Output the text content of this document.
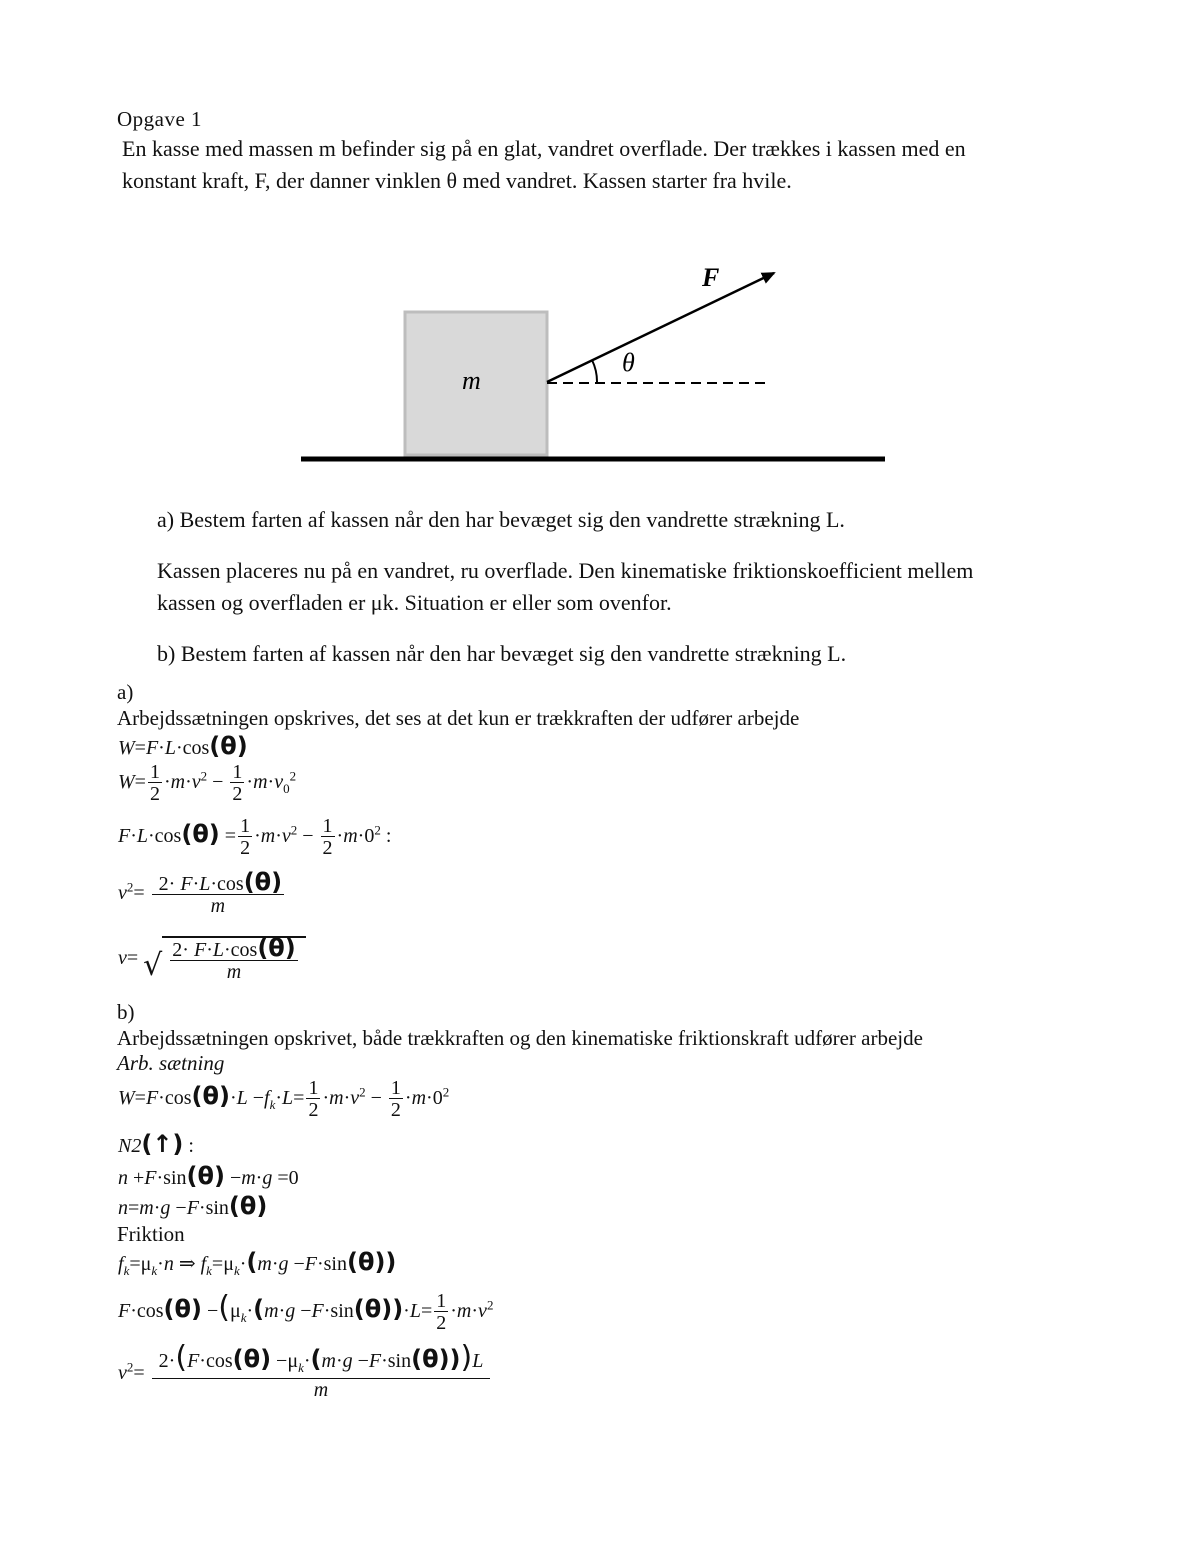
Opgave 1
En kasse med massen m befinder sig på en glat, vandret overflade. Der trækkes i kassen med en
konstant kraft, F, der danner vinklen θ med vandret. Kassen starter fra hvile.
F
θ
m
a) Bestem farten af kassen når den har bevæget sig den vandrette strækning L.
Kassen placeres nu på en vandret, ru overflade. Den kinematiske friktionskoefficient mellem
kassen og overfladen er μk. Situation er eller som ovenfor.
b) Bestem farten af kassen når den har bevæget sig den vandrette strækning L.
a)
Arbejdssætningen opskrives, det ses at det kun er trækkraften der udfører arbejde
W=F·L·cos(θ)
$W= \frac{1}{2} \cdot m\cdot v^2 - \frac{1}{2} \cdot m\cdot v_0^2$
$F\cdot L\cdot\cos(\theta) = \frac{1}{2} \cdot m\cdot v^2 - \frac{1}{2} \cdot m\cdot 0^2$ :
$v^2= \frac{2\cdot F\cdot L\cdot\cos(\theta)}{m}$
v= √ $\frac{2\cdot F\cdot L\cdot\cos(\theta)}{m}$
b)
Arbejdssætningen opskrivet, både trækkraften og den kinematiske friktionskraft udfører arbejde
Arb. sætning
$W=F\cdot\cos(\theta)\cdot L -f_k\cdot L= \frac{1}{2} \cdot m\cdot v^2 - \frac{1}{2} \cdot m\cdot 0^2$
N2(↑) :
n +F·sin(θ) −m·g =0
n=m·g −F·sin(θ)
Friktion
$f_k=\mu_k\cdot n$ ⇒ $f_k=\mu_k\cdot(m\cdot g -F\cdot\sin(\theta))$
$F\cdot\cos(\theta) -(\mu_k\cdot(m\cdot g -F\cdot\sin(\theta))\cdot L= \frac{1}{2} \cdot m\cdot v^2$
$v^2= \frac{2\cdot(F\cdot\cos(\theta) -\mu_k\cdot(m\cdot g -F\cdot\sin(\theta)))L}{m}$
